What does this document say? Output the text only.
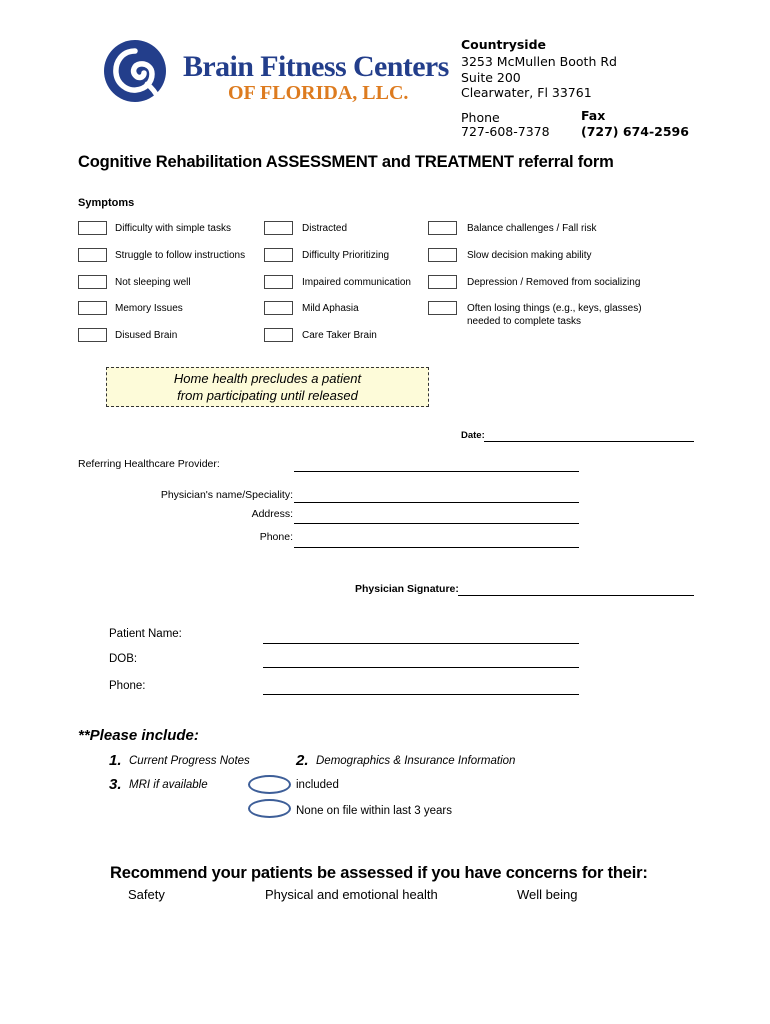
Brain Fitness Centers
OF FLORIDA, LLC.
Countryside
3253 McMullen Booth Rd
Suite 200
Clearwater, Fl 33761
Phone
727-608-7378
Fax
(727) 674-2596
Cognitive Rehabilitation ASSESSMENT and TREATMENT referral form
Symptoms
Difficulty with simple tasks
Struggle to follow instructions
Not sleeping well
Memory Issues
Disused Brain
Distracted
Difficulty Prioritizing
Impaired communication
Mild Aphasia
Care Taker Brain
Balance challenges / Fall risk
Slow decision making ability
Depression / Removed from socializing
Often losing things (e.g., keys, glasses)
needed to complete tasks
Home health precludes a patient
from participating until released
Date:
Referring Healthcare Provider:
Physician's name/Speciality:
Address:
Phone:
Physician Signature:
Patient Name:
DOB:
Phone:
**Please include:
1. Current Progress Notes	2. Demographics & Insurance Information
3. MRI if available	included
None on file within last 3 years
Recommend your patients be assessed if you have concerns for their:
Safety	Physical and emotional health	Well being
